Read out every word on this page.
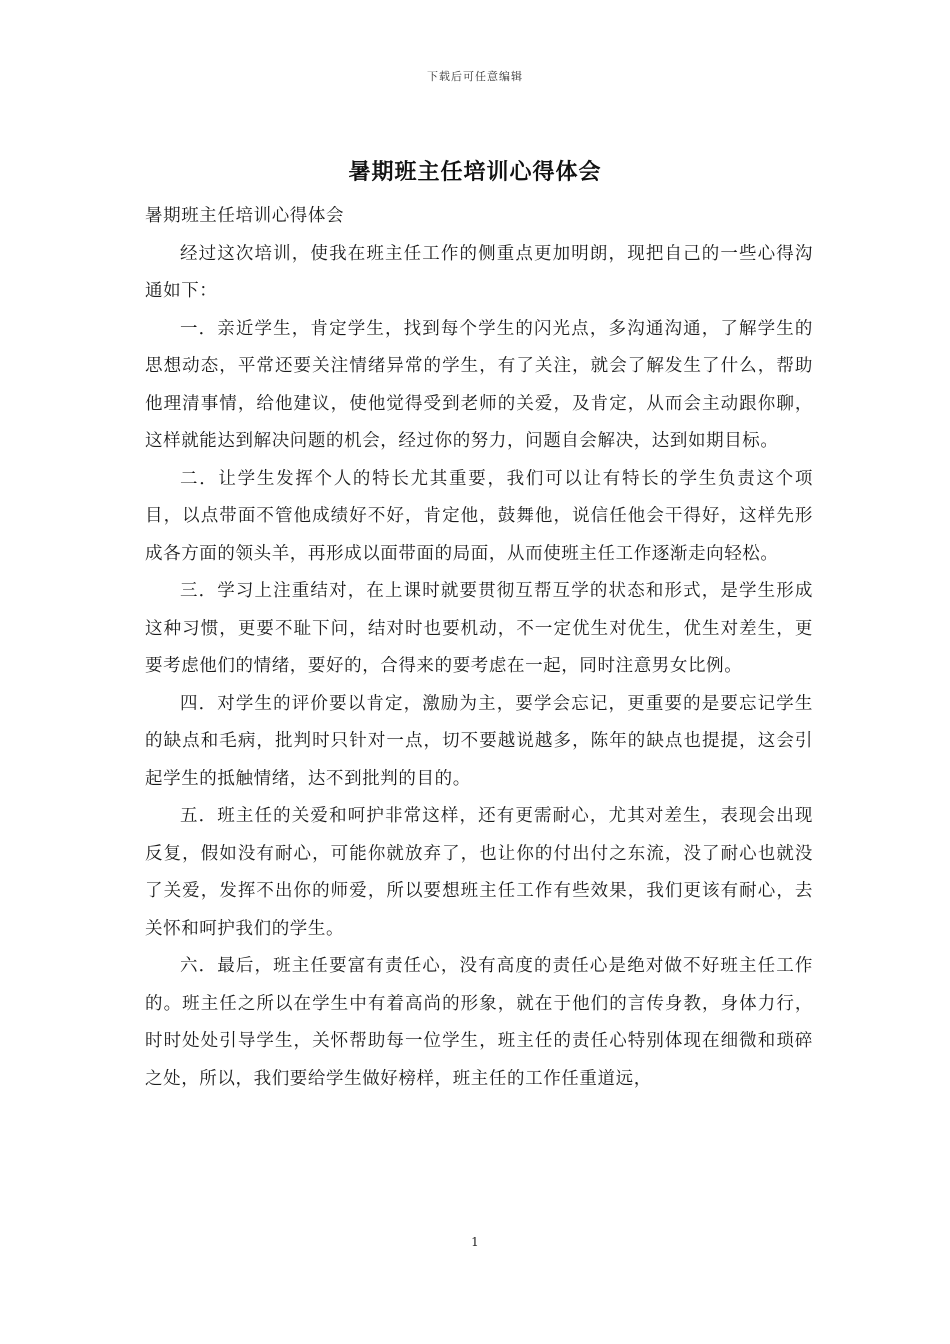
下载后可任意编辑
暑期班主任培训心得体会

暑期班主任培训心得体会

经过这次培训，使我在班主任工作的侧重点更加明朗，现把自己的一些心得沟通如下：

一．亲近学生，肯定学生，找到每个学生的闪光点，多沟通沟通，了解学生的思想动态，平常还要关注情绪异常的学生，有了关注，就会了解发生了什么，帮助他理清事情，给他建议，使他觉得受到老师的关爱，及肯定，从而会主动跟你聊，这样就能达到解决问题的机会，经过你的努力，问题自会解决，达到如期目标。

二．让学生发挥个人的特长尤其重要，我们可以让有特长的学生负责这个项目，以点带面不管他成绩好不好，肯定他，鼓舞他，说信任他会干得好，这样先形成各方面的领头羊，再形成以面带面的局面，从而使班主任工作逐渐走向轻松。

三．学习上注重结对，在上课时就要贯彻互帮互学的状态和形式，是学生形成这种习惯，更要不耻下问，结对时也要机动，不一定优生对优生，优生对差生，更要考虑他们的情绪，要好的，合得来的要考虑在一起，同时注意男女比例。

四．对学生的评价要以肯定，激励为主，要学会忘记，更重要的是要忘记学生的缺点和毛病，批判时只针对一点，切不要越说越多，陈年的缺点也提提，这会引起学生的抵触情绪，达不到批判的目的。

五．班主任的关爱和呵护非常这样，还有更需耐心，尤其对差生，表现会出现反复，假如没有耐心，可能你就放弃了，也让你的付出付之东流，没了耐心也就没了关爱，发挥不出你的师爱，所以要想班主任工作有些效果，我们更该有耐心，去关怀和呵护我们的学生。

六．最后，班主任要富有责任心，没有高度的责任心是绝对做不好班主任工作的。班主任之所以在学生中有着高尚的形象，就在于他们的言传身教，身体力行，时时处处引导学生，关怀帮助每一位学生，班主任的责任心特别体现在细微和琐碎之处，所以，我们要给学生做好榜样，班主任的工作任重道远，

1
